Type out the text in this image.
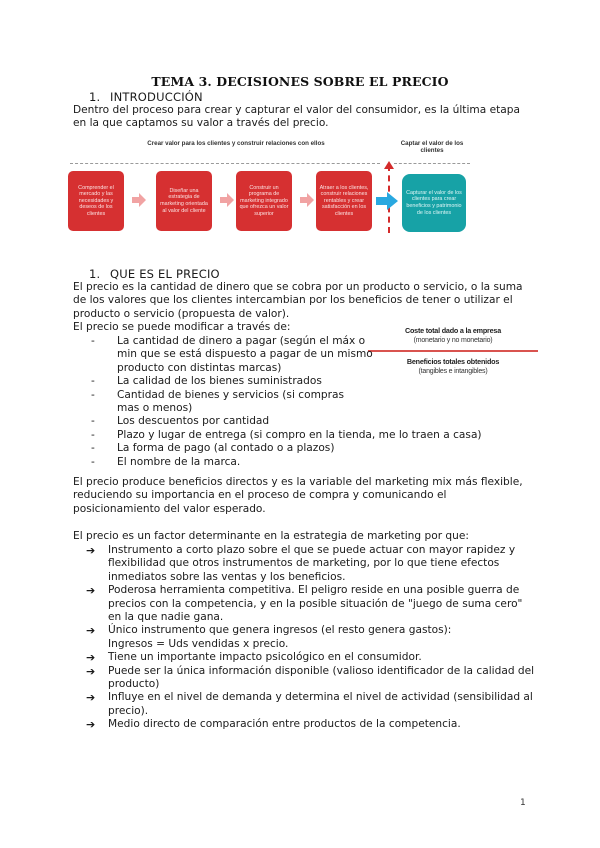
TEMA 3. DECISIONES SOBRE EL PRECIO
1. INTRODUCCIÓN
Dentro del proceso para crear y capturar el valor del consumidor, es la última etapa en la que captamos su valor a través del precio.
Crear valor para los clientes y construir relaciones con ellos	Captar el valor de los clientes
Comprender el mercado y las necesidades y deseos de los clientes
Diseñar una estrategia de marketing orientada al valor del cliente
Construir un programa de marketing integrado que ofrezca un valor superior
Atraer a los clientes, construir relaciones rentables y crear satisfacción en los clientes
Capturar el valor de los clientes para crear beneficios y patrimonio de los clientes
1. QUE ES EL PRECIO
El precio es la cantidad de dinero que se cobra por un producto o servicio, o la suma de los valores que los clientes intercambian por los beneficios de tener o utilizar el producto o servicio (propuesta de valor).
El precio se puede modificar a través de:	Coste total dado a la empresa
(monetario y no monetario)
Beneficios totales obtenidos
(tangibles e intangibles)
- La cantidad de dinero a pagar (según el máx o min que se está dispuesto a pagar de un mismo producto con distintas marcas)
- La calidad de los bienes suministrados
- Cantidad de bienes y servicios (si compras mas o menos)
- Los descuentos por cantidad
- Plazo y lugar de entrega (si compro en la tienda, me lo traen a casa)
- La forma de pago (al contado o a plazos)
- El nombre de la marca.
El precio produce beneficios directos y es la variable del marketing mix más flexible, reduciendo su importancia en el proceso de compra y comunicando el posicionamiento del valor esperado.
El precio es un factor determinante en la estrategia de marketing por que:
➔ Instrumento a corto plazo sobre el que se puede actuar con mayor rapidez y flexibilidad que otros instrumentos de marketing, por lo que tiene efectos inmediatos sobre las ventas y los beneficios.
➔ Poderosa herramienta competitiva. El peligro reside en una posible guerra de precios con la competencia, y en la posible situación de "juego de suma cero" en la que nadie gana.
➔ Único instrumento que genera ingresos (el resto genera gastos): Ingresos = Uds vendidas x precio.
➔ Tiene un importante impacto psicológico en el consumidor.
➔ Puede ser la única información disponible (valioso identificador de la calidad del producto)
➔ Influye en el nivel de demanda y determina el nivel de actividad (sensibilidad al precio).
➔ Medio directo de comparación entre productos de la competencia.
1
